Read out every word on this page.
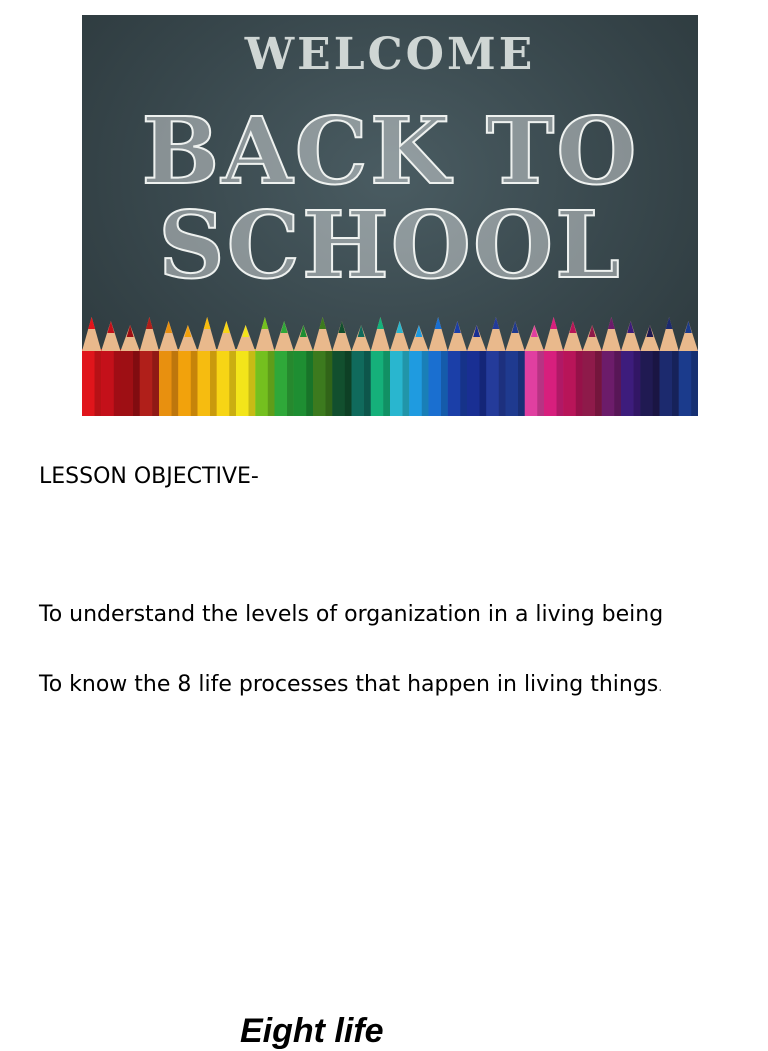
WELCOME
BACK TO
SCHOOL
LESSON OBJECTIVE-
To understand the levels of organization in a living being
To know the 8 life processes that happen in living things.
Eight life
